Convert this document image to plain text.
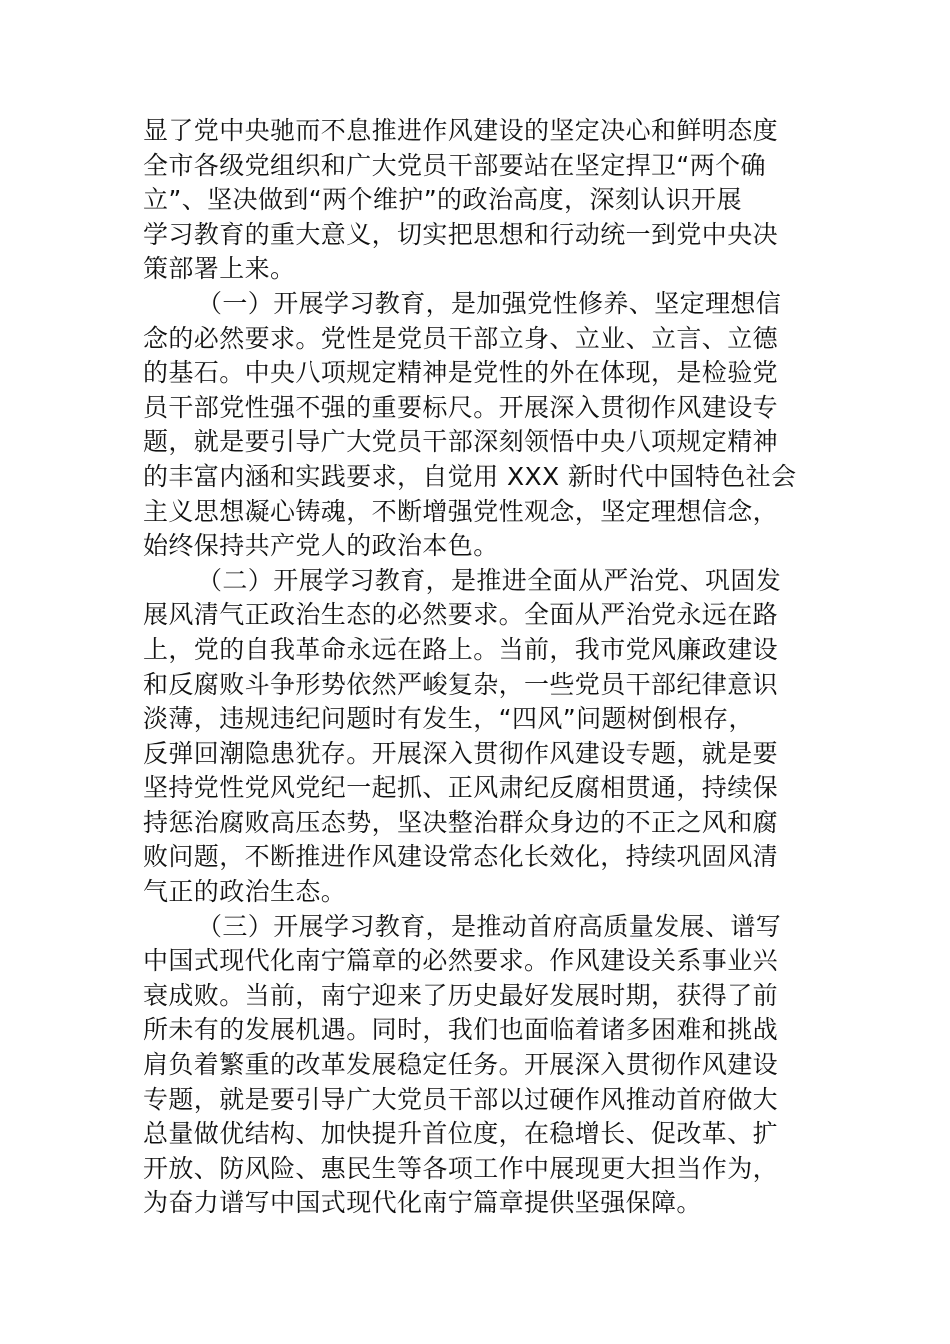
显了党中央驰而不息推进作风建设的坚定决心和鲜明态度
全市各级党组织和广大党员干部要站在坚定捍卫“两个确
立”、坚决做到“两个维护”的政治高度，深刻认识开展
学习教育的重大意义，切实把思想和行动统一到党中央决
策部署上来。
（一）开展学习教育，是加强党性修养、坚定理想信
念的必然要求。党性是党员干部立身、立业、立言、立德
的基石。中央八项规定精神是党性的外在体现，是检验党
员干部党性强不强的重要标尺。开展深入贯彻作风建设专
题，就是要引导广大党员干部深刻领悟中央八项规定精神
的丰富内涵和实践要求，自觉用 XXX 新时代中国特色社会
主义思想凝心铸魂，不断增强党性观念，坚定理想信念，
始终保持共产党人的政治本色。
（二）开展学习教育，是推进全面从严治党、巩固发
展风清气正政治生态的必然要求。全面从严治党永远在路
上，党的自我革命永远在路上。当前，我市党风廉政建设
和反腐败斗争形势依然严峻复杂，一些党员干部纪律意识
淡薄，违规违纪问题时有发生，“四风”问题树倒根存，
反弹回潮隐患犹存。开展深入贯彻作风建设专题，就是要
坚持党性党风党纪一起抓、正风肃纪反腐相贯通，持续保
持惩治腐败高压态势，坚决整治群众身边的不正之风和腐
败问题，不断推进作风建设常态化长效化，持续巩固风清
气正的政治生态。
（三）开展学习教育，是推动首府高质量发展、谱写
中国式现代化南宁篇章的必然要求。作风建设关系事业兴
衰成败。当前，南宁迎来了历史最好发展时期，获得了前
所未有的发展机遇。同时，我们也面临着诸多困难和挑战
肩负着繁重的改革发展稳定任务。开展深入贯彻作风建设
专题，就是要引导广大党员干部以过硬作风推动首府做大
总量做优结构、加快提升首位度，在稳增长、促改革、扩
开放、防风险、惠民生等各项工作中展现更大担当作为，
为奋力谱写中国式现代化南宁篇章提供坚强保障。
